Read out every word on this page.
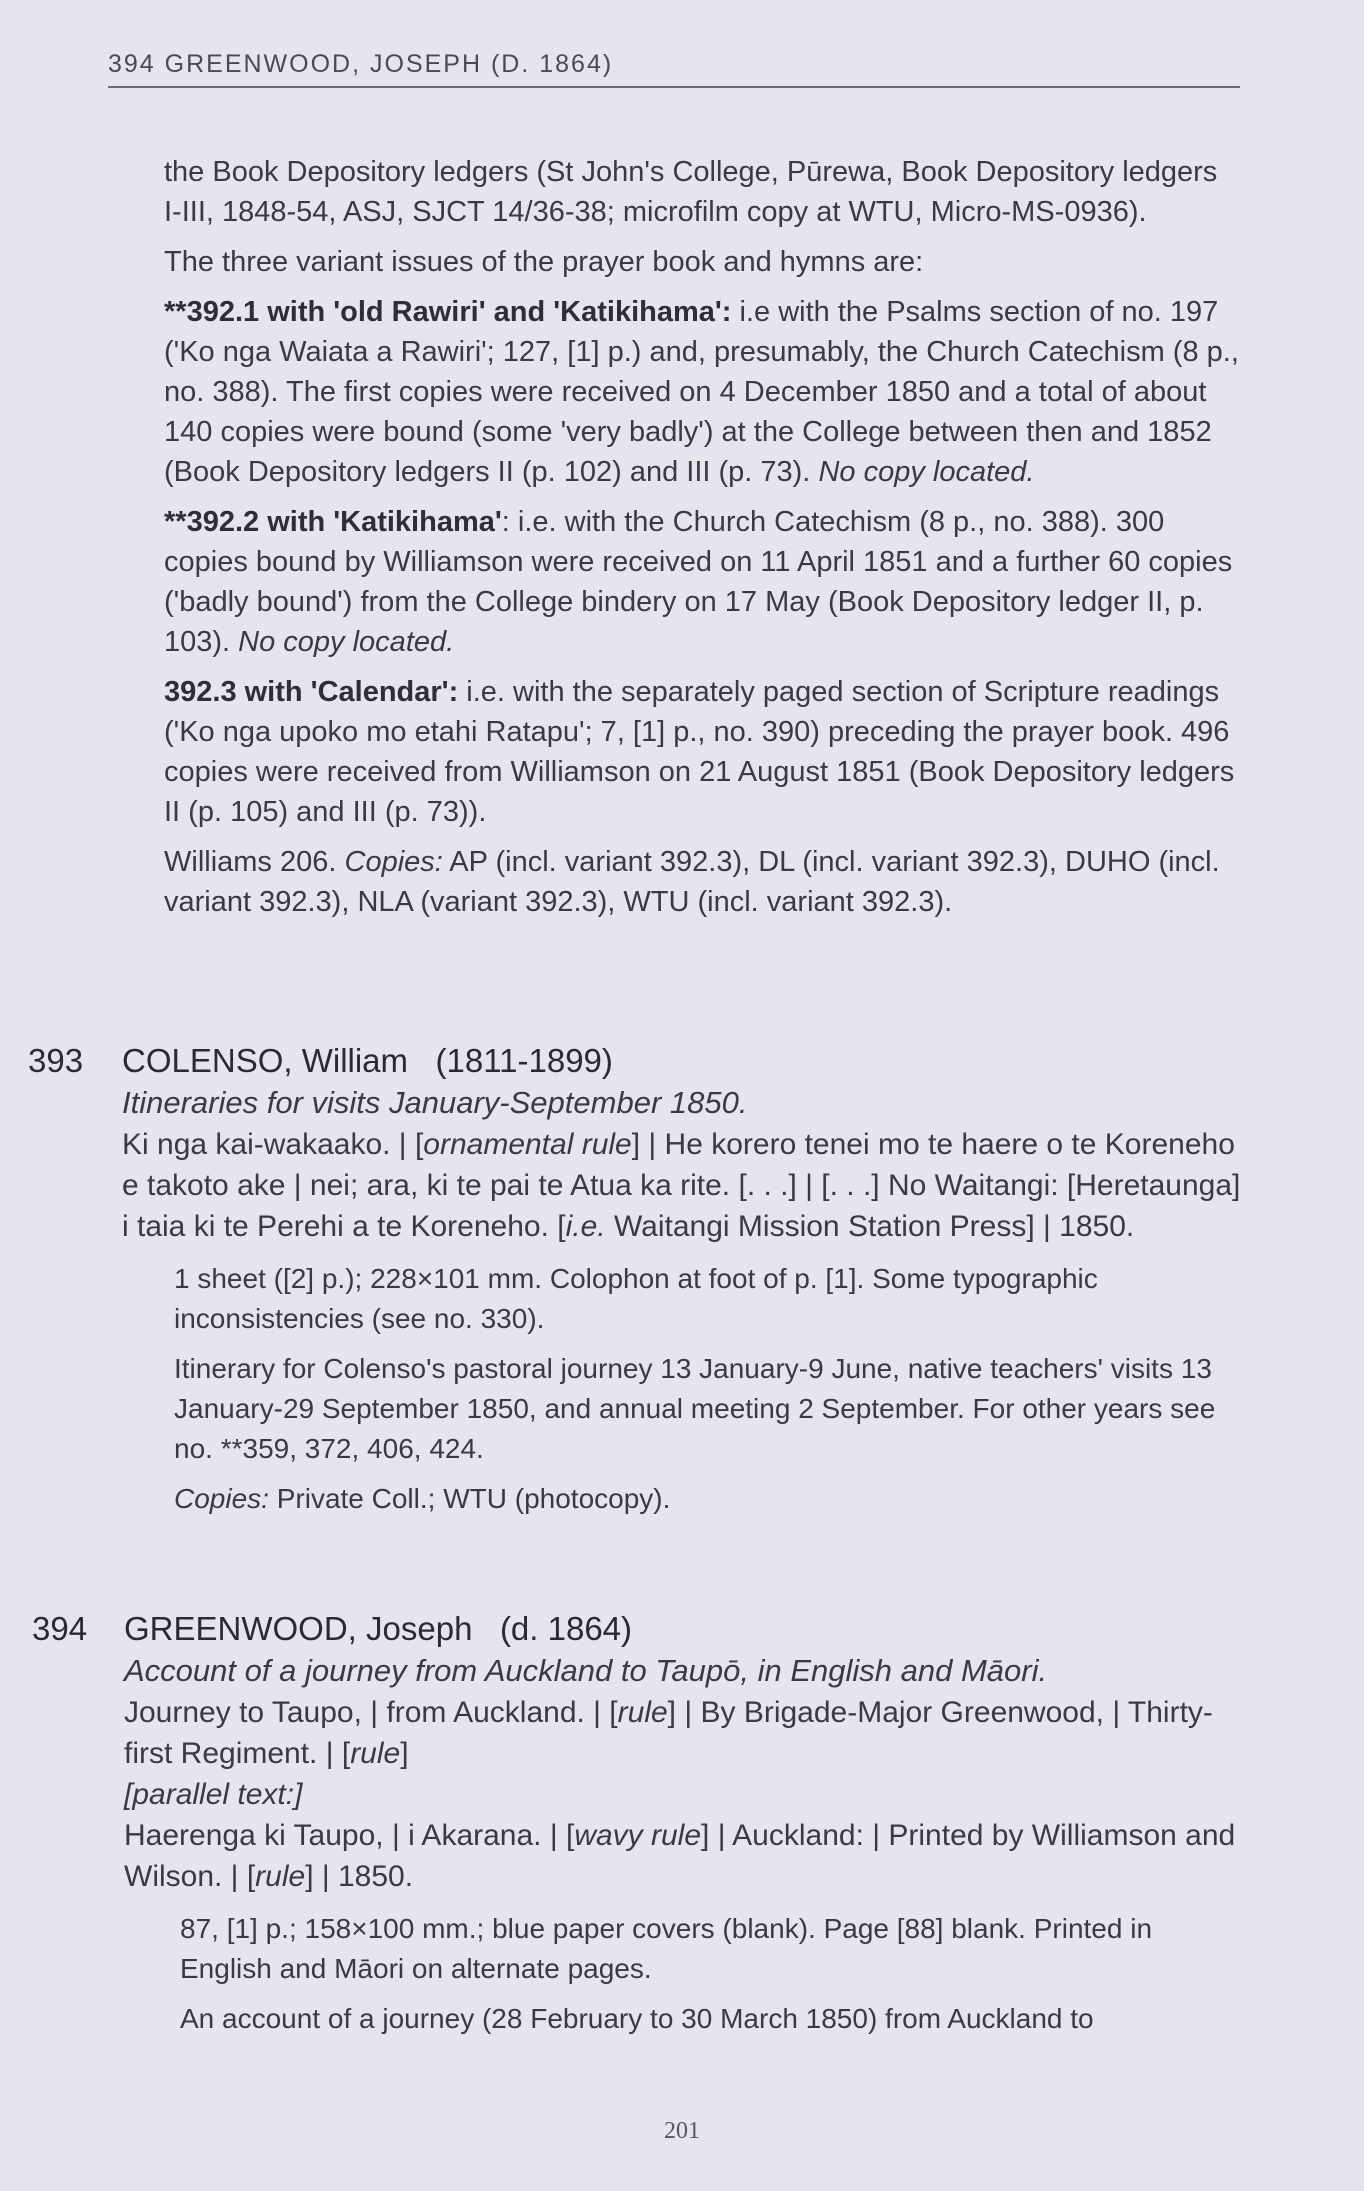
394 GREENWOOD, JOSEPH (D. 1864)

the Book Depository ledgers (St John's College, Pūrewa, Book Depository ledgers I-III, 1848-54, ASJ, SJCT 14/36-38; microfilm copy at WTU, Micro-MS-0936).

The three variant issues of the prayer book and hymns are:

**392.1 with 'old Rawiri' and 'Katikihama': i.e with the Psalms section of no. 197 ('Ko nga Waiata a Rawiri'; 127, [1] p.) and, presumably, the Church Catechism (8 p., no. 388). The first copies were received on 4 December 1850 and a total of about 140 copies were bound (some 'very badly') at the College between then and 1852 (Book Depository ledgers II (p. 102) and III (p. 73). No copy located.

**392.2 with 'Katikihama': i.e. with the Church Catechism (8 p., no. 388). 300 copies bound by Williamson were received on 11 April 1851 and a further 60 copies ('badly bound') from the College bindery on 17 May (Book Depository ledger II, p. 103). No copy located.

392.3 with 'Calendar': i.e. with the separately paged section of Scripture readings ('Ko nga upoko mo etahi Ratapu'; 7, [1] p., no. 390) preceding the prayer book. 496 copies were received from Williamson on 21 August 1851 (Book Depository ledgers II (p. 105) and III (p. 73)).

Williams 206. Copies: AP (incl. variant 392.3), DL (incl. variant 392.3), DUHO (incl. variant 392.3), NLA (variant 392.3), WTU (incl. variant 392.3).

393 COLENSO, William (1811-1899)
Itineraries for visits January-September 1850.
Ki nga kai-wakaako. | [ornamental rule] | He korero tenei mo te haere o te Koreneho e takoto ake | nei; ara, ki te pai te Atua ka rite. [. . .] | [. . .] No Waitangi: [Heretaunga] i taia ki te Perehi a te Koreneho. [i.e. Waitangi Mission Station Press] | 1850.

1 sheet ([2] p.); 228×101 mm. Colophon at foot of p. [1]. Some typographic inconsistencies (see no. 330).

Itinerary for Colenso's pastoral journey 13 January-9 June, native teachers' visits 13 January-29 September 1850, and annual meeting 2 September. For other years see no. **359, 372, 406, 424.

Copies: Private Coll.; WTU (photocopy).

394 GREENWOOD, Joseph (d. 1864)
Account of a journey from Auckland to Taupō, in English and Māori.
Journey to Taupo, | from Auckland. | [rule] | By Brigade-Major Greenwood, | Thirty-first Regiment. | [rule]
[parallel text:]
Haerenga ki Taupo, | i Akarana. | [wavy rule] | Auckland: | Printed by Williamson and Wilson. | [rule] | 1850.

87, [1] p.; 158×100 mm.; blue paper covers (blank). Page [88] blank. Printed in English and Māori on alternate pages.

An account of a journey (28 February to 30 March 1850) from Auckland to

201
